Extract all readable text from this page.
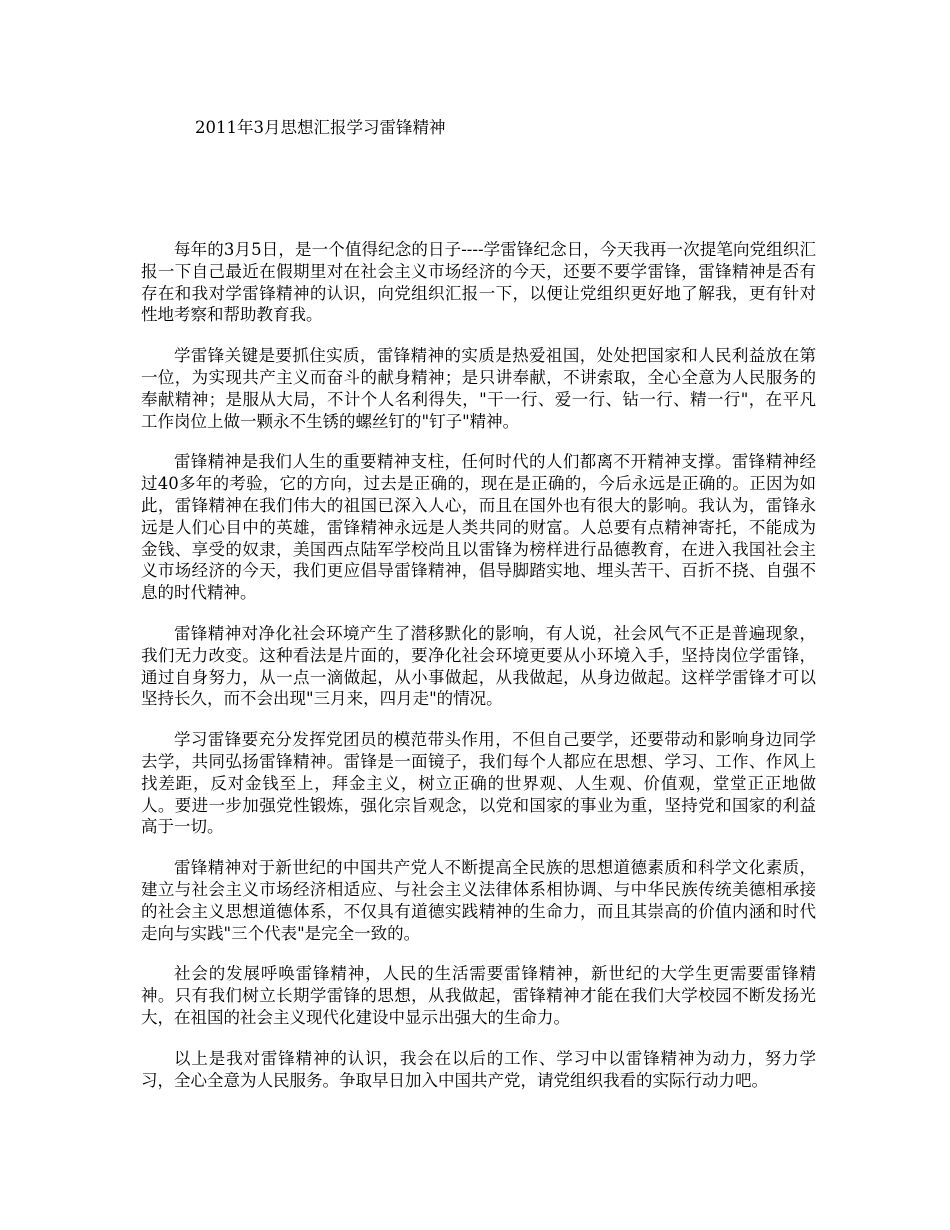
2011年3月思想汇报学习雷锋精神

每年的3月5日，是一个值得纪念的日子----学雷锋纪念日，今天我再一次提笔向党组织汇报一下自己最近在假期里对在社会主义市场经济的今天，还要不要学雷锋，雷锋精神是否有存在和我对学雷锋精神的认识，向党组织汇报一下，以便让党组织更好地了解我，更有针对性地考察和帮助教育我。

学雷锋关键是要抓住实质，雷锋精神的实质是热爱祖国，处处把国家和人民利益放在第一位，为实现共产主义而奋斗的献身精神；是只讲奉献，不讲索取，全心全意为人民服务的奉献精神；是服从大局，不计个人名利得失，"干一行、爱一行、钻一行、精一行"，在平凡工作岗位上做一颗永不生锈的螺丝钉的"钉子"精神。

雷锋精神是我们人生的重要精神支柱，任何时代的人们都离不开精神支撑。雷锋精神经过40多年的考验，它的方向，过去是正确的，现在是正确的，今后永远是正确的。正因为如此，雷锋精神在我们伟大的祖国已深入人心，而且在国外也有很大的影响。我认为，雷锋永远是人们心目中的英雄，雷锋精神永远是人类共同的财富。人总要有点精神寄托，不能成为金钱、享受的奴隶，美国西点陆军学校尚且以雷锋为榜样进行品德教育，在进入我国社会主义市场经济的今天，我们更应倡导雷锋精神，倡导脚踏实地、埋头苦干、百折不挠、自强不息的时代精神。

雷锋精神对净化社会环境产生了潜移默化的影响，有人说，社会风气不正是普遍现象，我们无力改变。这种看法是片面的，要净化社会环境更要从小环境入手，坚持岗位学雷锋，通过自身努力，从一点一滴做起，从小事做起，从我做起，从身边做起。这样学雷锋才可以坚持长久，而不会出现"三月来，四月走"的情况。

学习雷锋要充分发挥党团员的模范带头作用，不但自己要学，还要带动和影响身边同学去学，共同弘扬雷锋精神。雷锋是一面镜子，我们每个人都应在思想、学习、工作、作风上找差距，反对金钱至上，拜金主义，树立正确的世界观、人生观、价值观，堂堂正正地做人。要进一步加强党性锻炼，强化宗旨观念，以党和国家的事业为重，坚持党和国家的利益高于一切。

雷锋精神对于新世纪的中国共产党人不断提高全民族的思想道德素质和科学文化素质，建立与社会主义市场经济相适应、与社会主义法律体系相协调、与中华民族传统美德相承接的社会主义思想道德体系，不仅具有道德实践精神的生命力，而且其崇高的价值内涵和时代走向与实践"三个代表"是完全一致的。

社会的发展呼唤雷锋精神，人民的生活需要雷锋精神，新世纪的大学生更需要雷锋精神。只有我们树立长期学雷锋的思想，从我做起，雷锋精神才能在我们大学校园不断发扬光大，在祖国的社会主义现代化建设中显示出强大的生命力。

以上是我对雷锋精神的认识，我会在以后的工作、学习中以雷锋精神为动力，努力学习，全心全意为人民服务。争取早日加入中国共产党，请党组织我看的实际行动力吧。
